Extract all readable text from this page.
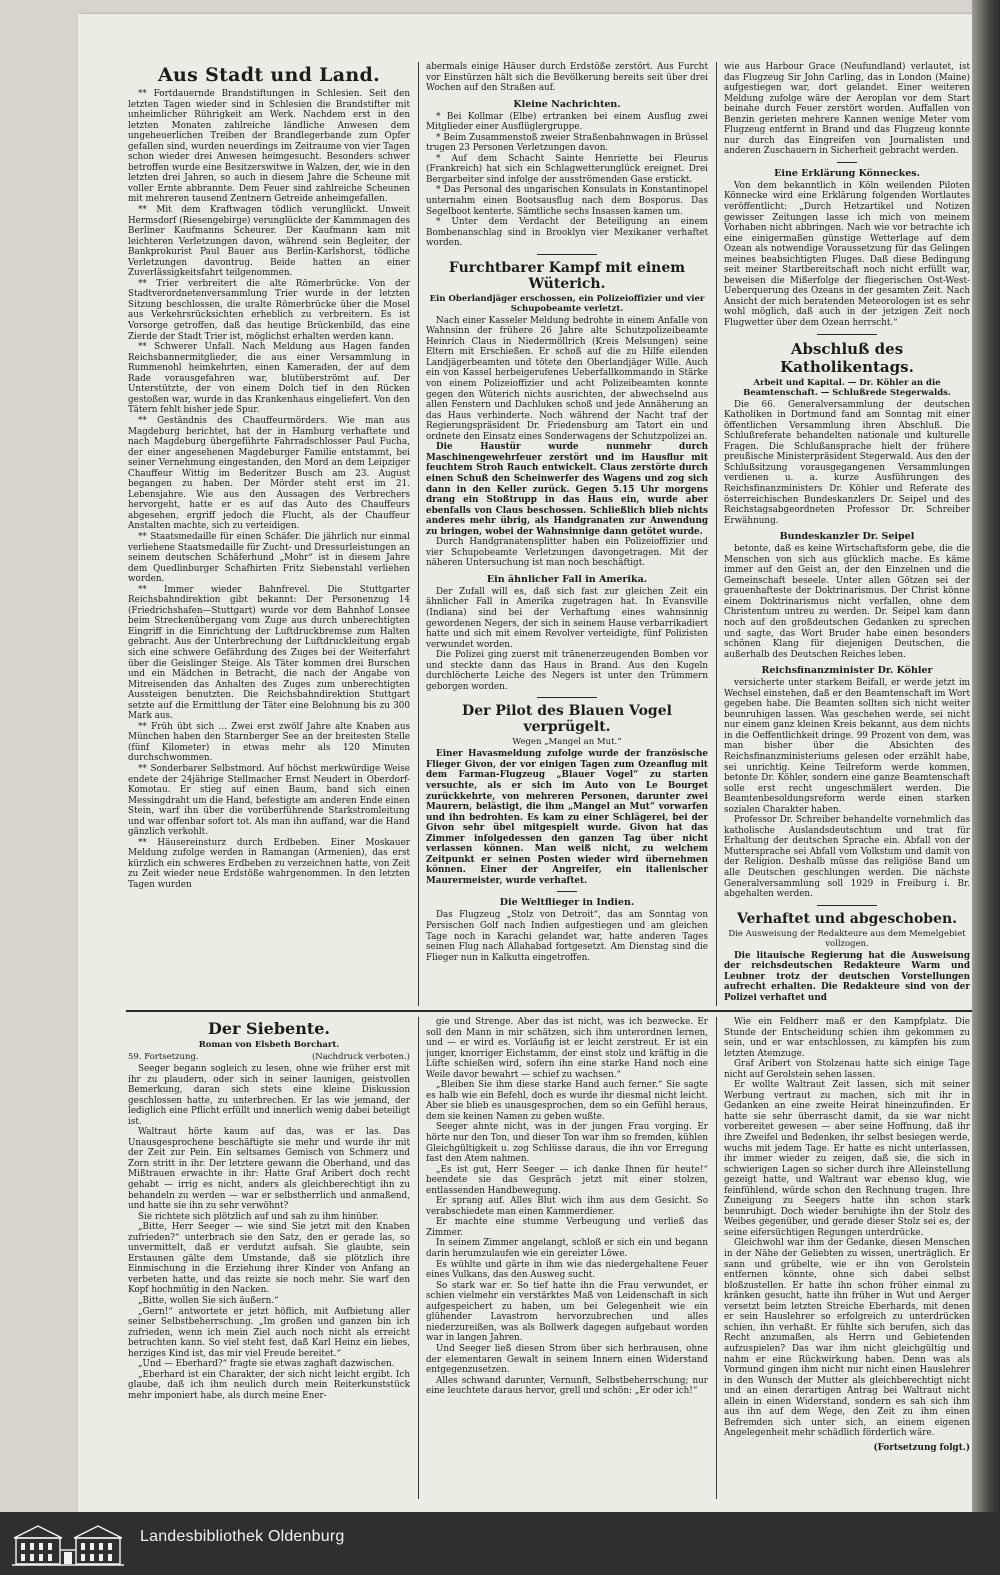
Aus Stadt und Land.

** Fortdauernde Brandstiftungen in Schlesien. Seit den letzten Tagen wieder sind in Schlesien die Brandstifter mit unheimlicher Rührigkeit am Werk. Nachdem erst in den letzten Monaten zahlreiche ländliche Anwesen dem ungeheuerlichen Treiben der Brandlegerbande zum Opfer gefallen sind, wurden neuerdings im Zeitraume von vier Tagen schon wieder drei Anwesen heimgesucht. Besonders schwer betroffen wurde eine Besitzerswitwe in Walzen, der, wie in den letzten drei Jahren, so auch in diesem Jahre die Scheune mit voller Ernte abbrannte. Dem Feuer sind zahlreiche Scheunen mit mehreren tausend Zentnern Getreide anheimgefallen.

** Mit dem Kraftwagen tödlich verunglückt. Unweit Hermsdorf (Riesengebirge) verunglückte der Kammmagen des Berliner Kaufmanns Scheurer. Der Kaufmann kam mit leichteren Verletzungen davon, während sein Begleiter, der Bankprokurist Paul Bauer aus Berlin-Karlshorst, tödliche Verletzungen davontrug. Beide hatten an einer Zuverlässigkeitsfahrt teilgenommen.

** Trier verbreitert die alte Römerbrücke. Von der Stadtverordnetenversammlung Trier wurde in der letzten Sitzung beschlossen, die uralte Römerbrücke über die Mosel aus Verkehrsrücksichten erheblich zu verbreitern. Es ist Vorsorge getroffen, daß das heutige Brückenbild, das eine Zierde der Stadt Trier ist, möglichst erhalten werden kann.

** Schwerer Unfall. Nach Meldung aus Hagen fanden Reichsbannermitglieder, die aus einer Versammlung in Rummenohl heimkehrten, einen Kameraden, der auf dem Rade vorausgefahren war, blutüberströmt auf. Der Unterstützte, der von einem Dolch tief in den Rücken gestoßen war, wurde in das Krankenhaus eingeliefert. Von den Tätern fehlt bisher jede Spur.

** Geständnis des Chauffeurmörders. Wie man aus Magdeburg berichtet, hat der in Hamburg verhaftete und nach Magdeburg übergeführte Fahrradschlosser Paul Fucha, der einer angesehenen Magdeburger Familie entstammt, bei seiner Vernehmung eingestanden, den Mord an dem Leipziger Chauffeur Wittig im Bederitzer Busch am 23. August begangen zu haben. Der Mörder steht erst im 21. Lebensjahre. Wie aus den Aussagen des Verbrechers hervorgeht, hatte er es auf das Auto des Chauffeurs abgesehen, ergriff jedoch die Flucht, als der Chauffeur Anstalten machte, sich zu verteidigen.

** Staatsmedaille für einen Schäfer. Die jährlich nur einmal verliehene Staatsmedaille für Zucht- und Dressurleistungen an seinem deutschen Schäferhund „Mohr“ ist in diesem Jahre dem Quedlinburger Schafhirten Fritz Siebenstahl verliehen worden.

** Immer wieder Bahnfrevel. Die Stuttgarter Reichsbahndirektion gibt bekannt: Der Personenzug 14 (Friedrichshafen—Stuttgart) wurde vor dem Bahnhof Lonsee beim Streckenübergang vom Zuge aus durch unberechtigten Eingriff in die Einrichtung der Luftdruckbremse zum Halten gebracht. Aus der Unterbrechung der Luftdruckleitung ergab sich eine schwere Gefährdung des Zuges bei der Weiterfahrt über die Geislinger Steige. Als Täter kommen drei Burschen und ein Mädchen in Betracht, die nach der Angabe von Mitreisenden das Anhalten des Zuges zum unberechtigten Aussteigen benutzten. Die Reichsbahndirektion Stuttgart setzte auf die Ermittlung der Täter eine Belohnung bis zu 300 Mark aus.

** Früh übt sich ... Zwei erst zwölf Jahre alte Knaben aus München haben den Starnberger See an der breitesten Stelle (fünf Kilometer) in etwas mehr als 120 Minuten durchschwommen.

** Sonderbarer Selbstmord. Auf höchst merkwürdige Weise endete der 24jährige Stellmacher Ernst Neudert in Oberdorf-Komotau. Er stieg auf einen Baum, band sich einen Messingdraht um die Hand, befestigte am anderen Ende einen Stein, warf ihn über die vorüberführende Starkstromleitung und war offenbar sofort tot. Als man ihn auffand, war die Hand gänzlich verkohlt.

** Häusereinsturz durch Erdbeben. Einer Moskauer Meldung zufolge werden in Ramangan (Armenien), das erst kürzlich ein schweres Erdbeben zu verzeichnen hatte, von Zeit zu Zeit wieder neue Erdstöße wahrgenommen. In den letzten Tagen wurden

abermals einige Häuser durch Erdstöße zerstört. Aus Furcht vor Einstürzen hält sich die Bevölkerung bereits seit über drei Wochen auf den Straßen auf.

Kleine Nachrichten.

* Bei Kollmar (Elbe) ertranken bei einem Ausflug zwei Mitglieder einer Ausflüglergruppe.

* Beim Zusammenstoß zweier Straßenbahnwagen in Brüssel trugen 23 Personen Verletzungen davon.

* Auf dem Schacht Sainte Henriette bei Fleurus (Frankreich) hat sich ein Schlagwetterunglück ereignet. Drei Bergarbeiter sind infolge der ausströmenden Gase erstickt.

* Das Personal des ungarischen Konsulats in Konstantinopel unternahm einen Bootsausflug nach dem Bosporus. Das Segelboot kenterte. Sämtliche sechs Insassen kamen um.

* Unter dem Verdacht der Beteiligung an einem Bombenanschlag sind in Brooklyn vier Mexikaner verhaftet worden.

Furchtbarer Kampf mit einem Wüterich.
Ein Oberlandjäger erschossen, ein Polizeioffizier und vier Schupobeamte verletzt.

Nach einer Kasseler Meldung bedrohte in einem Anfalle von Wahnsinn der frühere 26 Jahre alte Schutzpolizeibeamte Heinrich Claus in Niedermöllrich (Kreis Melsungen) seine Eltern mit Erschießen. Er schoß auf die zu Hilfe eilenden Landjägerbeamten und tötete den Oberlandjäger Wille. Auch ein von Kassel herbeigerufenes Ueberfallkommando in Stärke von einem Polizeioffizier und acht Polizeibeamten konnte gegen den Wüterich nichts ausrichten, der abwechselnd aus allen Fenstern und Dachluken schoß und jede Annäherung an das Haus verhinderte. Noch während der Nacht traf der Regierungspräsident Dr. Friedensburg am Tatort ein und ordnete den Einsatz eines Sonderwagens der Schutzpolizei an.

Die Haustür wurde nunmehr durch Maschinengewehrfeuer zerstört und im Hausflur mit feuchtem Stroh Rauch entwickelt. Claus zerstörte durch einen Schuß den Scheinwerfer des Wagens und zog sich dann in den Keller zurück. Gegen 5.15 Uhr morgens drang ein Stoßtrupp in das Haus ein, wurde aber ebenfalls von Claus beschossen. Schließlich blieb nichts anderes mehr übrig, als Handgranaten zur Anwendung zu bringen, wobei der Wahnsinnige dann getötet wurde.

Durch Handgranatensplitter haben ein Polizeioffizier und vier Schupobeamte Verletzungen davongetragen. Mit der näheren Untersuchung ist man noch beschäftigt.

Ein ähnlicher Fall in Amerika.

Der Zufall will es, daß sich fast zur gleichen Zeit ein ähnlicher Fall in Amerika zugetragen hat. In Evansville (Indiana) sind bei der Verhaftung eines wahnsinnig gewordenen Negers, der sich in seinem Hause verbarrikadiert hatte und sich mit einem Revolver verteidigte, fünf Polizisten verwundet worden.

Die Polizei ging zuerst mit tränenerzeugenden Bomben vor und steckte dann das Haus in Brand. Aus den Kugeln durchlöcherte Leiche des Negers ist unter den Trümmern geborgen worden.

Der Pilot des Blauen Vogel verprügelt.
Wegen „Mangel an Mut.“

Einer Havasmeldung zufolge wurde der französische Flieger Givon, der vor einigen Tagen zum Ozeanflug mit dem Farman-Flugzeug „Blauer Vogel“ zu starten versuchte, als er sich im Auto von Le Bourget zurückkehrte, von mehreren Personen, darunter zwei Maurern, belästigt, die ihm „Mangel an Mut“ vorwarfen und ihn bedrohten. Es kam zu einer Schlägerei, bei der Givon sehr übel mitgespielt wurde. Givon hat das Zimmer infolgedessen den ganzen Tag über nicht verlassen können. Man weiß nicht, zu welchem Zeitpunkt er seinen Posten wieder wird übernehmen können. Einer der Angreifer, ein italienischer Maurermeister, wurde verhaftet.

Die Weltflieger in Indien.

Das Flugzeug „Stolz von Detroit“, das am Sonntag von Persischen Golf nach Indien aufgestiegen und am gleichen Tage noch in Karachi gelandet war, hatte anderen Tages seinen Flug nach Allahabad fortgesetzt. Am Dienstag sind die Flieger nun in Kalkutta eingetroffen.

wie aus Harbour Grace (Neufundland) verlautet, ist das Flugzeug Sir John Carling, das in London (Maine) aufgestiegen war, dort gelandet. Einer weiteren Meldung zufolge wäre der Aeroplan vor dem Start beinahe durch Feuer zerstört worden. Auffallen von Benzin gerieten mehrere Kannen wenige Meter vom Flugzeug entfernt in Brand und das Flugzeug konnte nur durch das Eingreifen von Journalisten und anderen Zuschauern in Sicherheit gebracht werden.

Eine Erklärung Könneckes.

Von dem bekanntlich in Köln weilenden Piloten Könnecke wird eine Erklärung folgenden Wortlautes veröffentlicht: „Durch Hetzartikel und Notizen gewisser Zeitungen lasse ich mich von meinem Vorhaben nicht abbringen. Nach wie vor betrachte ich eine einigermaßen günstige Wetterlage auf dem Ozean als notwendige Voraussetzung für das Gelingen meines beabsichtigten Fluges. Daß diese Bedingung seit meiner Startbereitschaft noch nicht erfüllt war, beweisen die Mißerfolge der fliegerischen Ost-West-Ueberquerung des Ozeans in der gesamten Zeit. Nach Ansicht der mich beratenden Meteorologen ist es sehr wohl möglich, daß auch in der jetzigen Zeit noch Flugwetter über dem Ozean herrscht.“

Abschluß des Katholikentags.
Arbeit und Kapital. — Dr. Köhler an die Beamtenschaft. — Schlußrede Stegerwalds.

Die 66. Generalversammlung der deutschen Katholiken in Dortmund fand am Sonntag mit einer öffentlichen Versammlung ihren Abschluß. Die Schlußreferate behandelten nationale und kulturelle Fragen. Die Schlußansprache hielt der frühere preußische Ministerpräsident Stegerwald. Aus den der Schlußsitzung vorausgegangenen Versammlungen verdienen u. a. kurze Ausführungen des Reichsfinanzministers Dr. Köhler und Referate des österreichischen Bundeskanzlers Dr. Seipel und des Reichstagsabgeordneten Professor Dr. Schreiber Erwähnung.

Bundeskanzler Dr. Seipel

betonte, daß es keine Wirtschaftsform gebe, die die Menschen von sich aus glücklich mache. Es käme immer auf den Geist an, der den Einzelnen und die Gemeinschaft beseele. Unter allen Götzen sei der grauenhafteste der Doktrinarismus. Der Christ könne einem Doktrinarismus nicht verfallen, ohne dem Christentum untreu zu werden. Dr. Seipel kam dann noch auf den großdeutschen Gedanken zu sprechen und sagte, das Wort Bruder habe einen besonders schönen Klang für diejenigen Deutschen, die außerhalb des Deutschen Reiches leben.

Reichsfinanzminister Dr. Köhler

versicherte unter starkem Beifall, er werde jetzt im Wechsel einstehen, daß er den Beamtenschaft im Wort gegeben habe. Die Beamten sollten sich nicht weiter beunruhigen lassen. Was geschehen werde, sei nicht nur einem ganz kleinen Kreis bekannt, aus dem nichts in die Oeffentlichkeit dringe. 99 Prozent von dem, was man bisher über die Absichten des Reichsfinanzministeriums gelesen oder erzählt habe, sei unrichtig. Keine Teilreform werde kommen, betonte Dr. Köhler, sondern eine ganze Beamtenschaft solle erst recht ungeschmälert werden. Die Beamtenbesoldungsreform werde einen starken sozialen Charakter haben.

Professor Dr. Schreiber behandelte vornehmlich das katholische Auslandsdeutschtum und trat für Erhaltung der deutschen Sprache ein. Abfall von der Muttersprache sei Abfall vom Volkstum und damit von der Religion. Deshalb müsse das religiöse Band um alle Deutschen geschlungen werden. Die nächste Generalversammlung soll 1929 in Freiburg i. Br. abgehalten werden.

Verhaftet und abgeschoben.
Die Ausweisung der Redakteure aus dem Memelgebiet vollzogen.

Die litauische Regierung hat die Ausweisung der reichsdeutschen Redakteure Warm und Leubner trotz der deutschen Vorstellungen aufrecht erhalten. Die Redakteure sind von der Polizei verhaftet und

Der Siebente.
Roman von Elsbeth Borchart.
59. Fortsetzung.	(Nachdruck verboten.)

Seeger begann sogleich zu lesen, ohne wie früher erst mit ihr zu plaudern, oder sich in seiner launigen, geistvollen Bemerkung, daran sich stets eine kleine Diskussion geschlossen hatte, zu unterbrechen. Er las wie jemand, der lediglich eine Pflicht erfüllt und innerlich wenig dabei beteiligt ist.

Waltraut hörte kaum auf das, was er las. Das Unausgesprochene beschäftigte sie mehr und wurde ihr mit der Zeit zur Pein. Ein seltsames Gemisch von Schmerz und Zorn stritt in ihr. Der letztere gewann die Oberhand, und das Mißtrauen erwachte in ihr: Hatte Graf Aribert doch recht gehabt — irrig es nicht, anders als gleichberechtigt ihn zu behandeln zu werden — war er selbstherrlich und anmaßend, und hatte sie ihn zu sehr verwöhnt?

Sie richtete sich plötzlich auf und sah zu ihm hinüber.

„Bitte, Herr Seeger — wie sind Sie jetzt mit den Knaben zufrieden?“ unterbrach sie den Satz, den er gerade las, so unvermittelt, daß er verdutzt aufsah. Sie glaubte, sein Erstaunen gälte dem Umstande, daß sie plötzlich ihre Einmischung in die Erziehung ihrer Kinder von Anfang an verbeten hatte, und das reizte sie noch mehr. Sie warf den Kopf hochmütig in den Nacken.

„Bitte, wollen Sie sich äußern.“

„Gern!“ antwortete er jetzt höflich, mit Aufbietung aller seiner Selbstbeherrschung. „Im großen und ganzen bin ich zufrieden, wenn ich mein Ziel auch noch nicht als erreicht betrachten kann. So viel steht fest, daß Karl Heinz ein liebes, herziges Kind ist, das mir viel Freude bereitet.“

„Und — Eberhard?“ fragte sie etwas zaghaft dazwischen.

„Eberhard ist ein Charakter, der sich nicht leicht ergibt. Ich glaube, daß ich ihm neulich durch mein Reiterkunststück mehr imponiert habe, als durch meine Ener-

gie und Strenge. Aber das ist nicht, was ich bezwecke. Er soll den Mann in mir schätzen, sich ihm unterordnen lernen, und — er wird es. Vorläufig ist er leicht zerstreut. Er ist ein junger, knorriger Eichstamm, der einst stolz und kräftig in die Lüfte schießen wird, sofern ihn eine starke Hand noch eine Weile davor bewahrt — schief zu wachsen.“

„Bleiben Sie ihm diese starke Hand auch ferner.“ Sie sagte es halb wie ein Befehl, doch es wurde ihr diesmal nicht leicht. Aber sie blieb es unausgesprochen, dem so ein Gefühl heraus, dem sie keinen Namen zu geben wußte.

Seeger ahnte nicht, was in der jungen Frau vorging. Er hörte nur den Ton, und dieser Ton war ihm so fremden, kühlen Gleichgültigkeit u. zog Schlüsse daraus, die ihn vor Erregung fast den Atem nahmen.

„Es ist gut, Herr Seeger — ich danke Ihnen für heute!“ beendete sie das Gespräch jetzt mit einer stolzen, entlassenden Handbewegung.

Er sprang auf. Alles Blut wich ihm aus dem Gesicht. So verabschiedete man einen Kammerdiener.

Er machte eine stumme Verbeugung und verließ das Zimmer.

In seinem Zimmer angelangt, schloß er sich ein und begann darin herumzulaufen wie ein gereizter Löwe.

Es wühlte und gärte in ihm wie das niedergehaltene Feuer eines Vulkans, das den Ausweg sucht.

So stark war er. So tief hatte ihn die Frau verwundet, er schien vielmehr ein verstärktes Maß von Leidenschaft in sich aufgespeichert zu haben, um bei Gelegenheit wie ein glühender Lavastrom hervorzubrechen und alles niederzureißen, was als Bollwerk dagegen aufgebaut worden war in langen Jahren.

Und Seeger ließ diesen Strom über sich herbrausen, ohne der elementaren Gewalt in seinem Innern einen Widerstand entgegenzusetzen.

Alles schwand darunter, Vernunft, Selbstbeherrschung; nur eine leuchtete daraus hervor, grell und schön: „Er oder ich!“

Wie ein Feldherr maß er den Kampfplatz. Die Stunde der Entscheidung schien ihm gekommen zu sein, und er war entschlossen, zu kämpfen bis zum letzten Atemzuge.

Graf Aribert von Stolzenau hatte sich einige Tage nicht auf Gerolstein sehen lassen.

Er wollte Waltraut Zeit lassen, sich mit seiner Werbung vertraut zu machen, sich mit ihr in Gedanken an eine zweite Heirat hineinzufinden. Er hatte sie sehr überrascht damit, da sie war nicht vorbereitet gewesen — aber seine Hoffnung, daß ihr ihre Zweifel und Bedenken, ihr selbst besiegen werde, wuchs mit jedem Tage. Er hatte es nicht unterlassen, ihr immer wieder zu zeigen, daß sie, die sich in schwierigen Lagen so sicher durch ihre Alleinstellung gezeigt hatte, und Waltraut war ebenso klug, wie feinfühlend, würde schon den Rechnung tragen. Ihre Zuneigung zu Seegers hatte ihn schon stark beunruhigt. Doch wieder beruhigte ihn der Stolz des Weibes gegenüber, und gerade dieser Stolz sei es, der seine eifersüchtigen Regungen unterdrücke.

Gleichwohl war ihm der Gedanke, diesen Menschen in der Nähe der Geliebten zu wissen, unerträglich. Er sann und grübelte, wie er ihn von Gerolstein entfernen könnte, ohne sich dabei selbst bloßzustellen. Er hatte ihn schon früher einmal zu kränken gesucht, hatte ihn früher in Wut und Aerger versetzt beim letzten Streiche Eberhards, mit denen er sein Hauslehrer so erfolgreich zu unterdrücken schien, ihn verhaßt. Er fühlte sich berufen, sich das Recht anzumaßen, als Herrn und Gebietenden aufzuspielen? Das war ihm nicht gleichgültig und nahm er eine Rückwirkung haben. Denn was als Vormund gingen ihm nicht nur nicht einen Hauslehrer in den Wunsch der Mutter als gleichberechtigt nicht und an einen derartigen Antrag bei Waltraut nicht allein in einen Widerstand, sondern es sah sich ihm aus ihn auf dem Wege, den Zeit zu ihm einen Befremden sich unter sich, an einem eigenen Angelegenheit mehr schädlich förderlich wäre.

(Fortsetzung folgt.)
Landesbibliothek Oldenburg
